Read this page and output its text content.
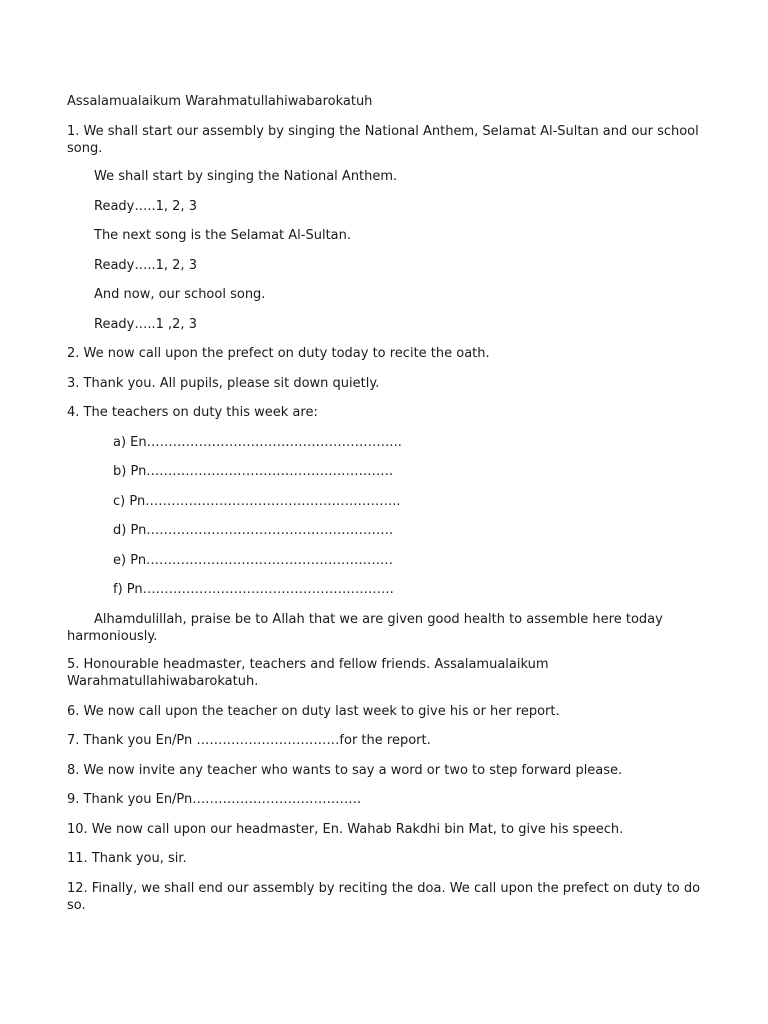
Assalamualaikum Warahmatullahiwabarokatuh
1. We shall start our assembly by singing the National Anthem, Selamat Al-Sultan and our school song.
We shall start by singing the National Anthem.
Ready…..1, 2, 3
The next song is the Selamat Al-Sultan.
Ready…..1, 2, 3
And now, our school song.
Ready…..1 ,2, 3
2. We now call upon the prefect on duty today to recite the oath.
3. Thank you. All pupils, please sit down quietly.
4. The teachers on duty this week are:
a) En…………………………………………………..
b) Pn…………………………………………………
c) Pn…………………………………………………..
d) Pn…………………………………………………
e) Pn…………………………………………………
f) Pn………………………………………………….
Alhamdulillah, praise be to Allah that we are given good health to assemble here today harmoniously.
5. Honourable headmaster, teachers and fellow friends. Assalamualaikum Warahmatullahiwabarokatuh.
6. We now call upon the teacher on duty last week to give his or her report.
7. Thank you En/Pn ……………………………for the report.
8. We now invite any teacher who wants to say a word or two to step forward please.
9. Thank you En/Pn…………………………………
10. We now call upon our headmaster, En. Wahab Rakdhi bin Mat, to give his speech.
11. Thank you, sir.
12. Finally, we shall end our assembly by reciting the doa. We call upon the prefect on duty to do so.
